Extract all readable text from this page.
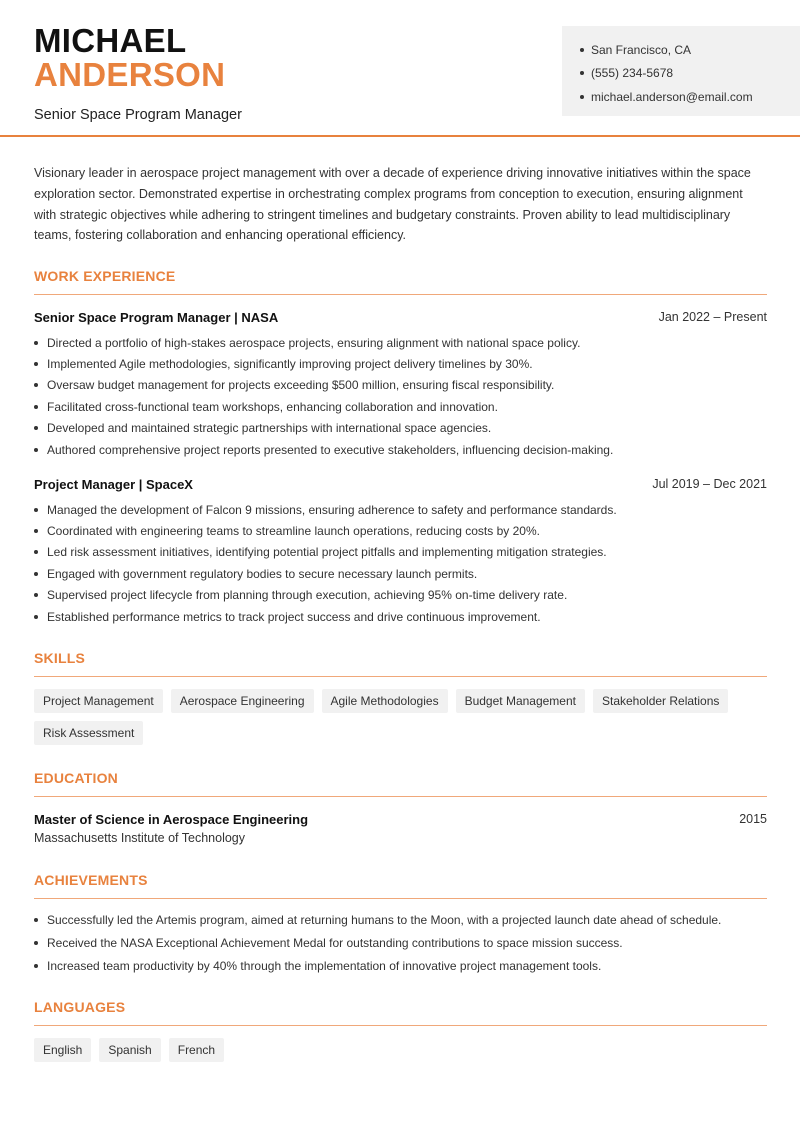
MICHAEL
ANDERSON
Senior Space Program Manager
San Francisco, CA
(555) 234-5678
michael.anderson@email.com

Visionary leader in aerospace project management with over a decade of experience driving innovative initiatives within the space exploration sector. Demonstrated expertise in orchestrating complex programs from conception to execution, ensuring alignment with strategic objectives while adhering to stringent timelines and budgetary constraints. Proven ability to lead multidisciplinary teams, fostering collaboration and enhancing operational efficiency.

WORK EXPERIENCE
Senior Space Program Manager | NASA	Jan 2022 – Present
Directed a portfolio of high-stakes aerospace projects, ensuring alignment with national space policy.
Implemented Agile methodologies, significantly improving project delivery timelines by 30%.
Oversaw budget management for projects exceeding $500 million, ensuring fiscal responsibility.
Facilitated cross-functional team workshops, enhancing collaboration and innovation.
Developed and maintained strategic partnerships with international space agencies.
Authored comprehensive project reports presented to executive stakeholders, influencing decision-making.
Project Manager | SpaceX	Jul 2019 – Dec 2021
Managed the development of Falcon 9 missions, ensuring adherence to safety and performance standards.
Coordinated with engineering teams to streamline launch operations, reducing costs by 20%.
Led risk assessment initiatives, identifying potential project pitfalls and implementing mitigation strategies.
Engaged with government regulatory bodies to secure necessary launch permits.
Supervised project lifecycle from planning through execution, achieving 95% on-time delivery rate.
Established performance metrics to track project success and drive continuous improvement.
SKILLS
Project Management	Aerospace Engineering	Agile Methodologies	Budget Management	Stakeholder Relations
Risk Assessment
EDUCATION
Master of Science in Aerospace Engineering	2015
Massachusetts Institute of Technology
ACHIEVEMENTS
Successfully led the Artemis program, aimed at returning humans to the Moon, with a projected launch date ahead of schedule.
Received the NASA Exceptional Achievement Medal for outstanding contributions to space mission success.
Increased team productivity by 40% through the implementation of innovative project management tools.
LANGUAGES
English	Spanish	French
